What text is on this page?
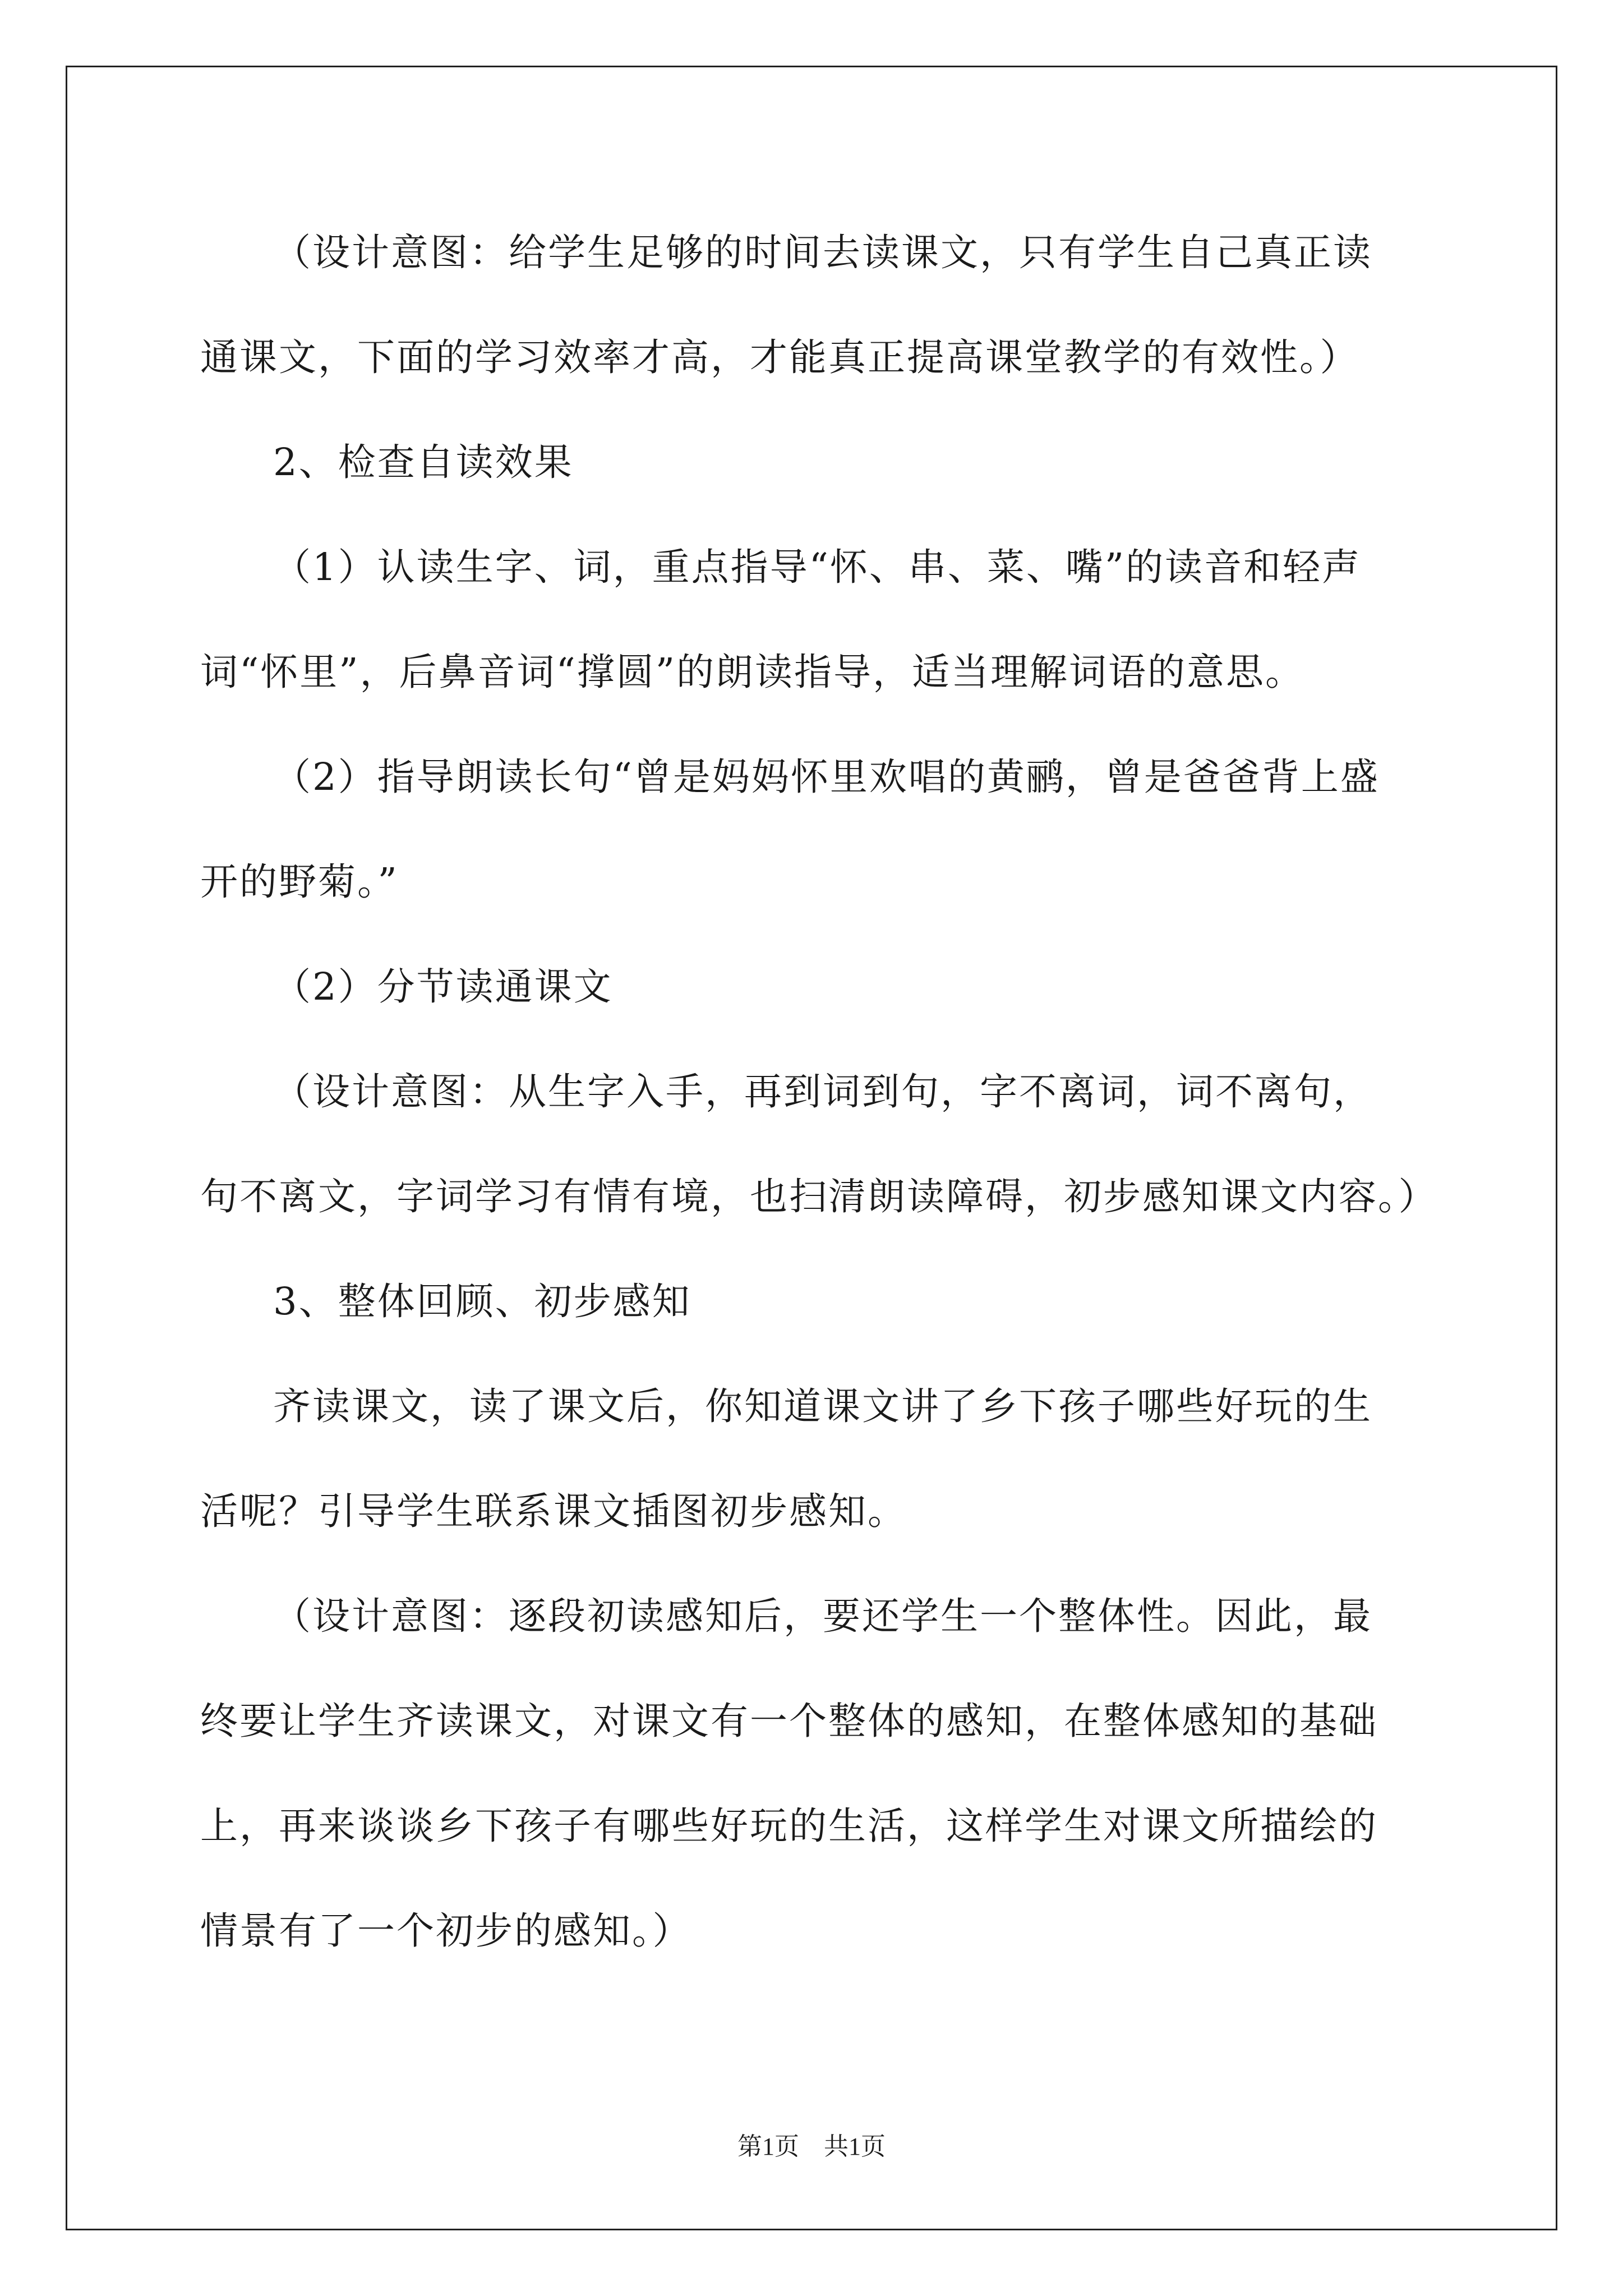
（设计意图：给学生足够的时间去读课文，只有学生自己真正读
通课文，下面的学习效率才高，才能真正提高课堂教学的有效性。）
2、检查自读效果
（1）认读生字、词，重点指导“怀、串、菜、嘴”的读音和轻声
词“怀里”，后鼻音词“撑圆”的朗读指导，适当理解词语的意思。
（2）指导朗读长句“曾是妈妈怀里欢唱的黄鹂，曾是爸爸背上盛
开的野菊。”
（2）分节读通课文
（设计意图：从生字入手，再到词到句，字不离词，词不离句，
句不离文，字词学习有情有境，也扫清朗读障碍，初步感知课文内容。）
3、整体回顾、初步感知
齐读课文，读了课文后，你知道课文讲了乡下孩子哪些好玩的生
活呢？引导学生联系课文插图初步感知。
（设计意图：逐段初读感知后，要还学生一个整体性。因此，最
终要让学生齐读课文，对课文有一个整体的感知，在整体感知的基础
上，再来谈谈乡下孩子有哪些好玩的生活，这样学生对课文所描绘的
情景有了一个初步的感知。）
第1页　共1页
